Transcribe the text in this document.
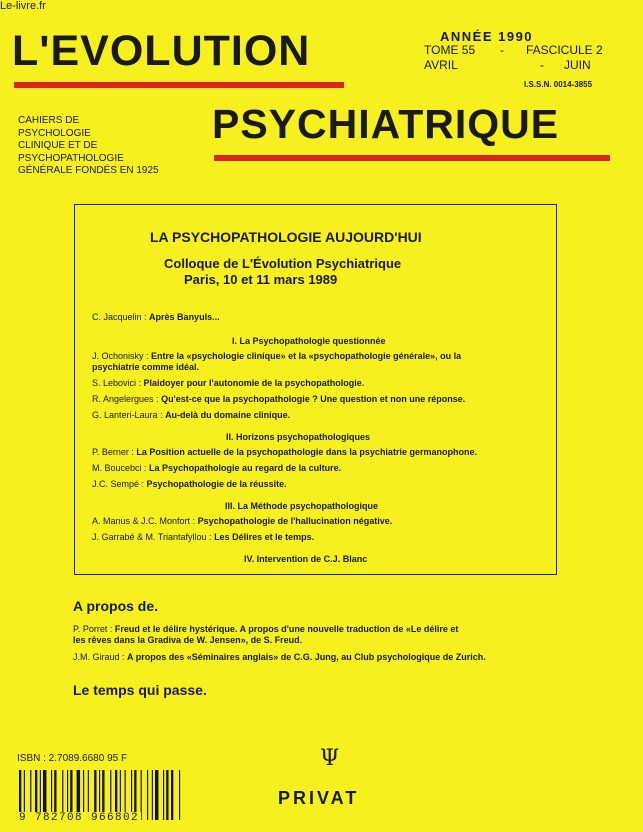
Le-livre.fr
L'EVOLUTION
PSYCHIATRIQUE
CAHIERS DE
PSYCHOLOGIE
CLINIQUE ET DE
PSYCHOPATHOLOGIE
GÉNÉRALE FONDÉS EN 1925
ANNÉE 1990
TOME 55 - FASCICULE 2
AVRIL	- JUIN
I.S.S.N. 0014-3855
LA PSYCHOPATHOLOGIE AUJOURD'HUI
Colloque de L'Évolution Psychiatrique
Paris, 10 et 11 mars 1989
C. Jacquelin : Après Banyuls...
I. La Psychopathologie questionnée
J. Ochonisky : Entre la «psychologie clinique» et la «psychopathologie générale», ou la
psychiatrie comme idéal.
S. Lebovici : Plaidoyer pour l'autonomie de la psychopathologie.
R. Angelergues : Qu'est-ce que la psychopathologie ? Une question et non une réponse.
G. Lanteri-Laura : Au-delà du domaine clinique.
II. Horizons psychopathologiques
P. Berner : La Position actuelle de la psychopathologie dans la psychiatrie germanophone.
M. Boucebci : La Psychopathologie au regard de la culture.
J.C. Sempé : Psychopathologie de la réussite.
III. La Méthode psychopathologique
A. Manus & J.C. Monfort : Psychopathologie de l'hallucination négative.
J. Garrabé & M. Triantafyllou : Les Délires et le temps.
IV. Intervention de C.J. Blanc
A propos de.
P. Porret : Freud et le délire hystérique. A propos d'une nouvelle traduction de «Le délire et
les rêves dans la Gradiva de W. Jensen», de S. Freud.
J.M. Giraud : A propos des «Séminaires anglais» de C.G. Jung, au Club psychologique de Zurich.
Le temps qui passe.
ISBN : 2.7089.6680 95 F
9 782708 966802
Ψ
PRIVAT
